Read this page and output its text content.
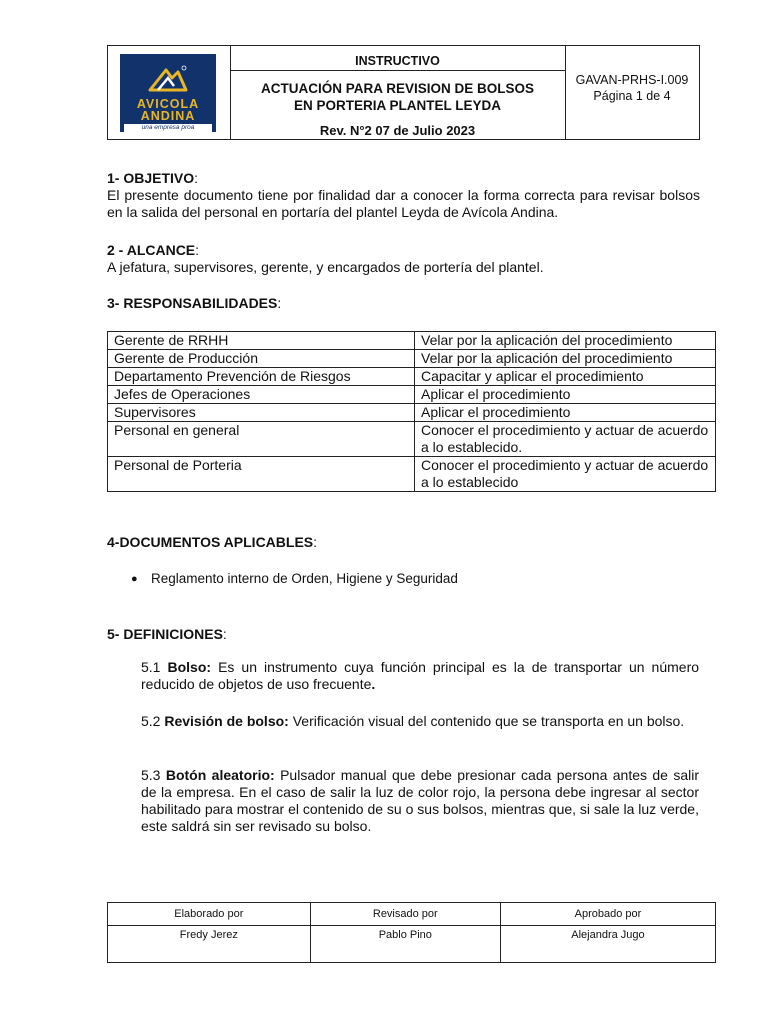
AVICOLA
ANDINA
una empresa proa
INSTRUCTIVO
ACTUACIÓN PARA REVISION DE BOLSOS
EN PORTERIA PLANTEL LEYDA
Rev. N°2 07 de Julio 2023
GAVAN-PRHS-I.009
Página 1 de 4
1- OBJETIVO:
El presente documento tiene por finalidad dar a conocer la forma correcta para revisar bolsos en la salida del personal en portaría del plantel Leyda de Avícola Andina.
2 - ALCANCE:
A jefatura, supervisores, gerente, y encargados de portería del plantel.
3- RESPONSABILIDADES:
Gerente de RRHH	Velar por la aplicación del procedimiento
Gerente de Producción	Velar por la aplicación del procedimiento
Departamento Prevención de Riesgos	Capacitar y aplicar el procedimiento
Jefes de Operaciones	Aplicar el procedimiento
Supervisores	Aplicar el procedimiento
Personal en general	Conocer el procedimiento y actuar de acuerdo a lo establecido.
Personal de Porteria	Conocer el procedimiento y actuar de acuerdo a lo establecido
4-DOCUMENTOS APLICABLES:
● Reglamento interno de Orden, Higiene y Seguridad
5- DEFINICIONES:
5.1 Bolso: Es un instrumento cuya función principal es la de transportar un número reducido de objetos de uso frecuente.
5.2 Revisión de bolso: Verificación visual del contenido que se transporta en un bolso.
5.3 Botón aleatorio: Pulsador manual que debe presionar cada persona antes de salir de la empresa. En el caso de salir la luz de color rojo, la persona debe ingresar al sector habilitado para mostrar el contenido de su o sus bolsos, mientras que, si sale la luz verde, este saldrá sin ser revisado su bolso.
Elaborado por	Revisado por	Aprobado por
Fredy Jerez	Pablo Pino	Alejandra Jugo
